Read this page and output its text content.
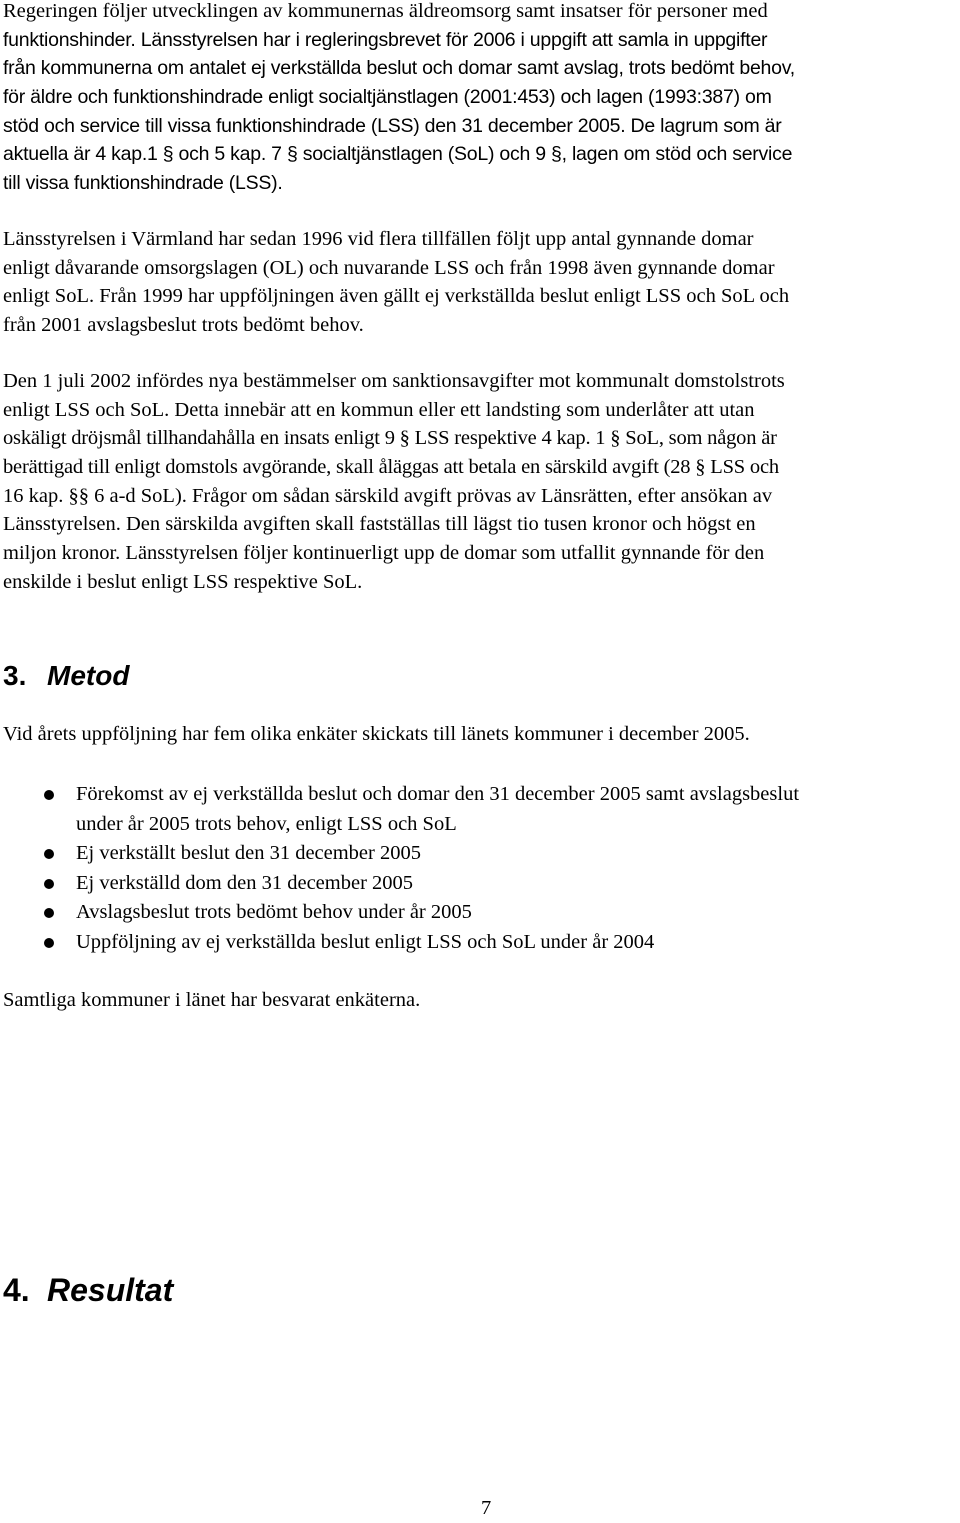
Regeringen följer utvecklingen av kommunernas äldreomsorg samt insatser för personer med
funktionshinder. Länsstyrelsen har i regleringsbrevet för 2006 i uppgift att samla in uppgifter
från kommunerna om antalet ej verkställda beslut och domar samt avslag, trots bedömt behov,
för äldre och funktionshindrade enligt socialtjänstlagen (2001:453) och lagen (1993:387) om
stöd och service till vissa funktionshindrade (LSS) den 31 december 2005. De lagrum som är
aktuella är 4 kap.1 § och 5 kap. 7 § socialtjänstlagen (SoL) och 9 §, lagen om stöd och service
till vissa funktionshindrade (LSS).
Länsstyrelsen i Värmland har sedan 1996 vid flera tillfällen följt upp antal gynnande domar
enligt dåvarande omsorgslagen (OL) och nuvarande LSS och från 1998 även gynnande domar
enligt SoL. Från 1999 har uppföljningen även gällt ej verkställda beslut enligt LSS och SoL och
från 2001 avslagsbeslut trots bedömt behov.
Den 1 juli 2002 infördes nya bestämmelser om sanktionsavgifter mot kommunalt domstolstrots
enligt LSS och SoL. Detta innebär att en kommun eller ett landsting som underlåter att utan
oskäligt dröjsmål tillhandahålla en insats enligt 9 § LSS respektive 4 kap. 1 § SoL, som någon är
berättigad till enligt domstols avgörande, skall åläggas att betala en särskild avgift (28 § LSS och
16 kap. §§ 6 a-d SoL). Frågor om sådan särskild avgift prövas av Länsrätten, efter ansökan av
Länsstyrelsen. Den särskilda avgiften skall fastställas till lägst tio tusen kronor och högst en
miljon kronor. Länsstyrelsen följer kontinuerligt upp de domar som utfallit gynnande för den
enskilde i beslut enligt LSS respektive SoL.
3. Metod
Vid årets uppföljning har fem olika enkäter skickats till länets kommuner i december 2005.
Förekomst av ej verkställda beslut och domar den 31 december 2005 samt avslagsbeslut
under år 2005 trots behov, enligt LSS och SoL
Ej verkställt beslut den 31 december 2005
Ej verkställd dom den 31 december 2005
Avslagsbeslut trots bedömt behov under år 2005
Uppföljning av ej verkställda beslut enligt LSS och SoL under år 2004
Samtliga kommuner i länet har besvarat enkäterna.
4. Resultat
7
